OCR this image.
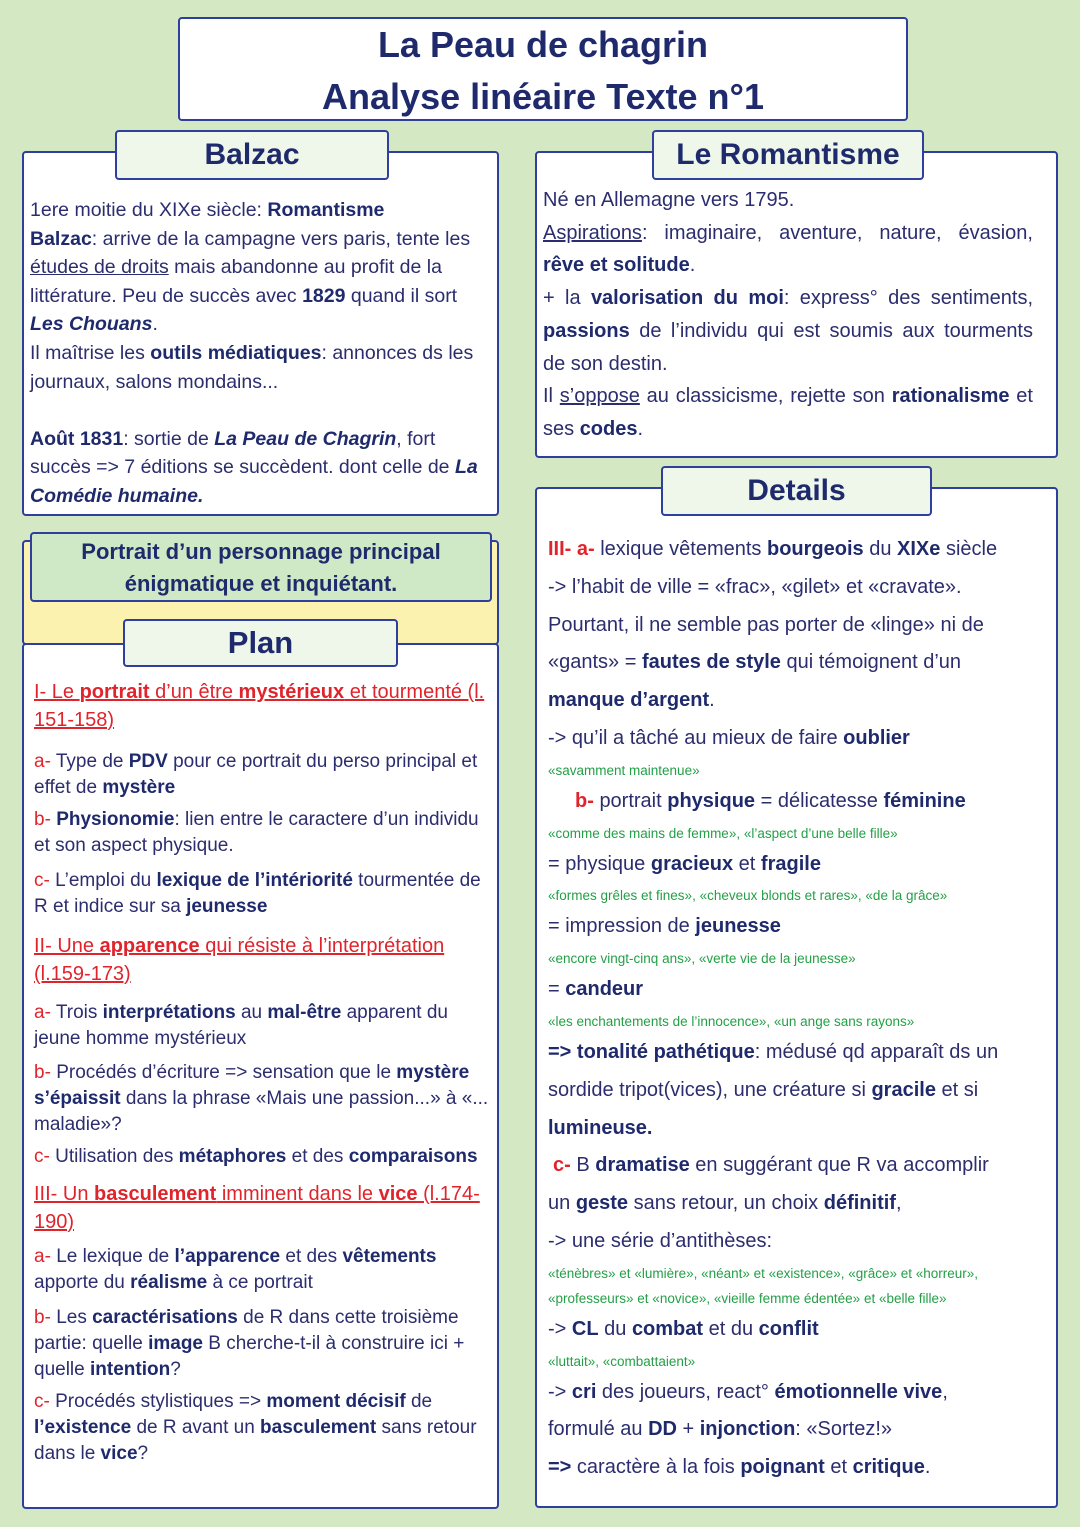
La Peau de chagrin
Analyse linéaire Texte n°1

1ere moitie du XIXe siècle: Romantisme

Balzac: arrive de la campagne vers paris, tente les études de droits mais abandonne au profit de la littérature. Peu de succès avec 1829 quand il sort Les Chouans.

Il maîtrise les outils médiatiques: annonces ds les journaux, salons mondains...

Août 1831: sortie de La Peau de Chagrin, fort succès => 7 éditions se succèdent. dont celle de La Comédie humaine.

Balzac

Né en Allemagne vers 1795.

Aspirations: imaginaire, aventure, nature, évasion, rêve et solitude.

+ la valorisation du moi: express° des sentiments, passions de l’individu qui est soumis aux tourments de son destin.

Il s’oppose au classicisme, rejette son rationalisme et ses codes.

Le Romantisme
Portrait d’un personnage principal
énigmatique et inquiétant.

I- Le portrait d’un être mystérieux et tourmenté (l. 151-158)

a- Type de PDV pour ce portrait du perso principal et effet de mystère

b- Physionomie: lien entre le caractere d’un individu et son aspect physique.

c- L’emploi du lexique de l’intériorité tourmentée de R et indice sur sa jeunesse

II- Une apparence qui résiste à l’interprétation (l.159-173)

a- Trois interprétations au mal-être apparent du jeune homme mystérieux

b- Procédés d’écriture => sensation que le mystère s’épaissit dans la phrase «Mais une passion...» à «... maladie»?

c- Utilisation des métaphores et des comparaisons

III- Un basculement imminent dans le vice (l.174-190)

a- Le lexique de l’apparence et des vêtements apporte du réalisme à ce portrait

b- Les caractérisations de R dans cette troisième partie: quelle image B cherche-t-il à construire ici + quelle intention?

c- Procédés stylistiques => moment décisif de l’existence de R avant un basculement sans retour dans le vice?

Plan

III- a- lexique vêtements bourgeois du XIXe siècle

-> l’habit de ville = «frac», «gilet» et «cravate».

Pourtant, il ne semble pas porter de «linge» ni de

«gants» = fautes de style qui témoignent d’un

manque d’argent.

-> qu’il a tâché au mieux de faire oublier

«savamment maintenue»

b- portrait physique = délicatesse féminine

«comme des mains de femme», «l’aspect d’une belle fille»

= physique gracieux et fragile

«formes grêles et fines», «cheveux blonds et rares», «de la grâce»

= impression de jeunesse

«encore vingt-cinq ans», «verte vie de la jeunesse»

= candeur

«les enchantements de l’innocence», «un ange sans rayons»

=> tonalité pathétique: médusé qd apparaît ds un

sordide tripot(vices), une créature si gracile et si

lumineuse.

c- B dramatise en suggérant que R va accomplir

un geste sans retour, un choix définitif,

-> une série d’antithèses:

«ténèbres» et «lumière», «néant» et «existence», «grâce» et «horreur»,

«professeurs» et «novice», «vieille femme édentée» et «belle fille»

-> CL du combat et du conflit

«luttait», «combattaient»

-> cri des joueurs, react° émotionnelle vive,

formulé au DD + injonction: «Sortez!»

=> caractère à la fois poignant et critique.

Details
